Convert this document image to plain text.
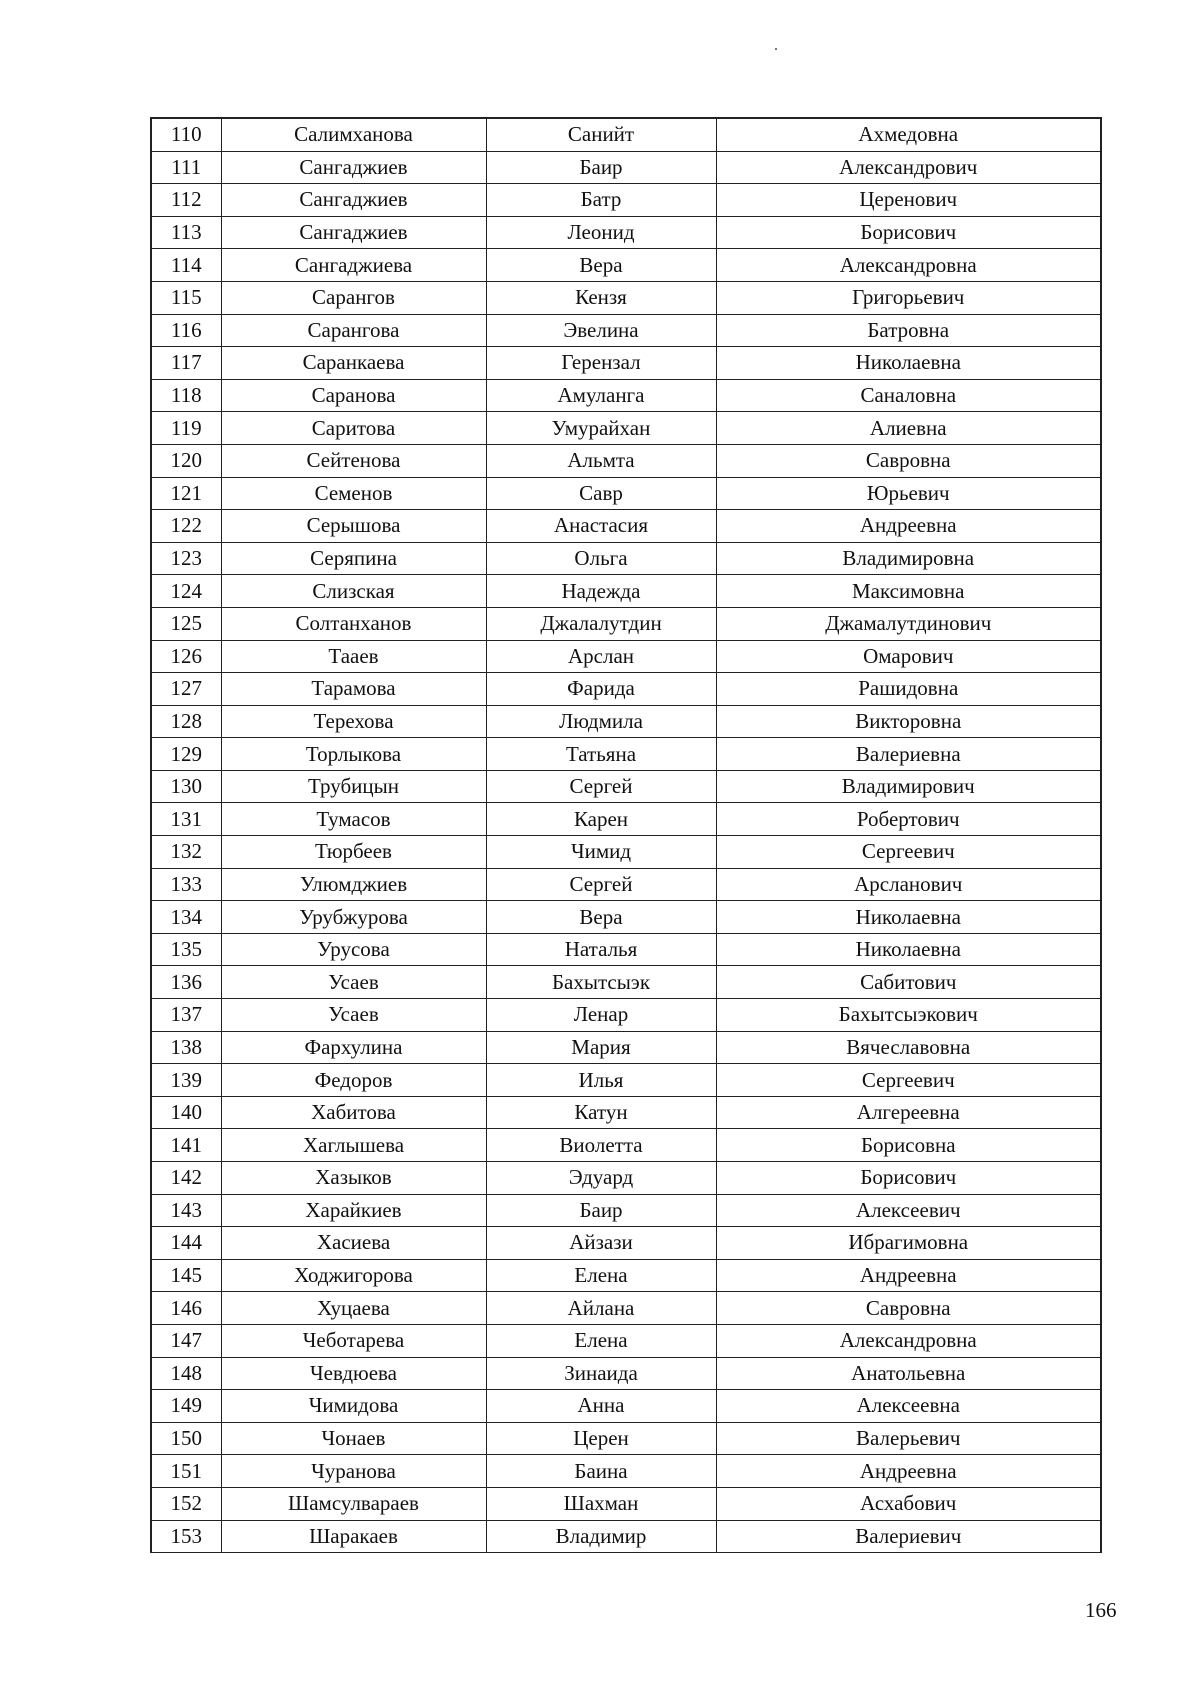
110	Салимханова	Санийт	Ахмедовна
111	Сангаджиев	Баир	Александрович
112	Сангаджиев	Батр	Церенович
113	Сангаджиев	Леонид	Борисович
114	Сангаджиева	Вера	Александровна
115	Сарангов	Кензя	Григорьевич
116	Сарангова	Эвелина	Батровна
117	Саранкаева	Герензал	Николаевна
118	Саранова	Амуланга	Саналовна
119	Саритова	Умурайхан	Алиевна
120	Сейтенова	Альмта	Савровна
121	Семенов	Савр	Юрьевич
122	Серышова	Анастасия	Андреевна
123	Серяпина	Ольга	Владимировна
124	Слизская	Надежда	Максимовна
125	Солтанханов	Джалалутдин	Джамалутдинович
126	Тааев	Арслан	Омарович
127	Тарамова	Фарида	Рашидовна
128	Терехова	Людмила	Викторовна
129	Торлыкова	Татьяна	Валериевна
130	Трубицын	Сергей	Владимирович
131	Тумасов	Карен	Робертович
132	Тюрбеев	Чимид	Сергеевич
133	Улюмджиев	Сергей	Арсланович
134	Урубжурова	Вера	Николаевна
135	Урусова	Наталья	Николаевна
136	Усаев	Бахытсыэк	Сабитович
137	Усаев	Ленар	Бахытсыэкович
138	Фархулина	Мария	Вячеславовна
139	Федоров	Илья	Сергеевич
140	Хабитова	Катун	Алгереевна
141	Хаглышева	Виолетта	Борисовна
142	Хазыков	Эдуард	Борисович
143	Харайкиев	Баир	Алексеевич
144	Хасиева	Айзази	Ибрагимовна
145	Ходжигорова	Елена	Андреевна
146	Хуцаева	Айлана	Савровна
147	Чеботарева	Елена	Александровна
148	Чевдюева	Зинаида	Анатольевна
149	Чимидова	Анна	Алексеевна
150	Чонаев	Церен	Валерьевич
151	Чуранова	Баина	Андреевна
152	Шамсулвараев	Шахман	Асхабович
153	Шаракаев	Владимир	Валериевич
166
